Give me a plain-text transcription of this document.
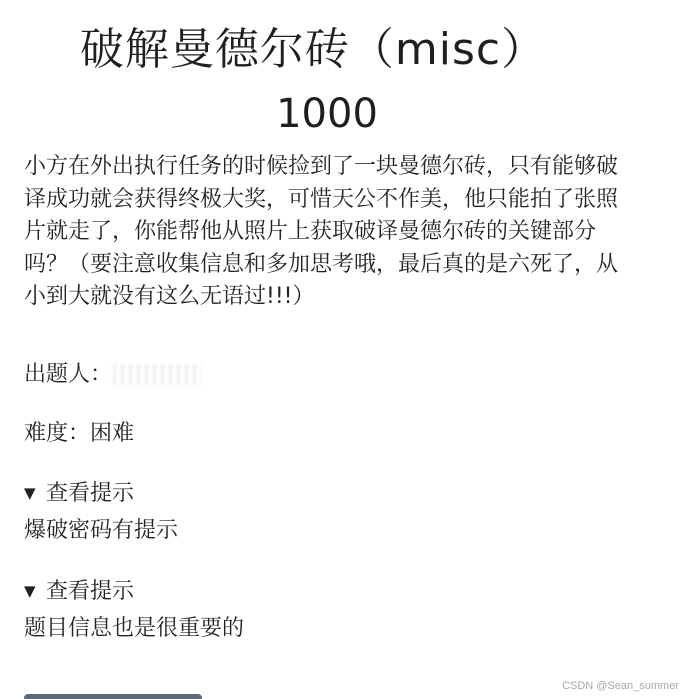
破解曼德尔砖（misc）
1000

小方在外出执行任务的时候捡到了一块曼德尔砖，只有能够破译成功就会获得终极大奖，可惜天公不作美，他只能拍了张照片就走了，你能帮他从照片上获取破译曼德尔砖的关键部分吗？（要注意收集信息和多加思考哦，最后真的是六死了，从小到大就没有这么无语过!!!）

出题人：
难度：困难
▼ 查看提示
爆破密码有提示
▼ 查看提示
题目信息也是很重要的
CSDN @Sean_summer
